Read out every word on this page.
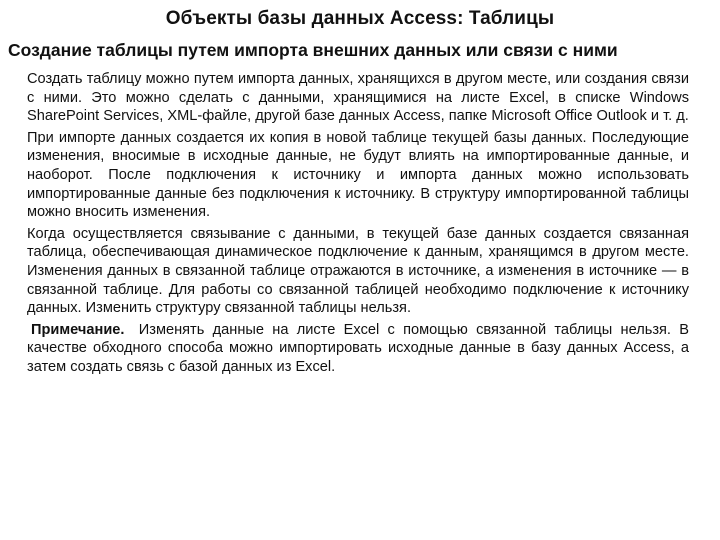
Объекты базы данных Access: Таблицы
Создание таблицы путем импорта внешних данных или связи с ними

Создать таблицу можно путем импорта данных, хранящихся в другом месте, или создания связи с ними. Это можно сделать с данными, хранящимися на листе Excel, в списке Windows SharePoint Services, XML-файле, другой базе данных Access, папке Microsoft Office Outlook и т. д.

При импорте данных создается их копия в новой таблице текущей базы данных. Последующие изменения, вносимые в исходные данные, не будут влиять на импортированные данные, и наоборот. После подключения к источнику и импорта данных можно использовать импортированные данные без подключения к источнику. В структуру импортированной таблицы можно вносить изменения.

Когда осуществляется связывание с данными, в текущей базе данных создается связанная таблица, обеспечивающая динамическое подключение к данным, хранящимся в другом месте. Изменения данных в связанной таблице отражаются в источнике, а изменения в источнике — в связанной таблице. Для работы со связанной таблицей необходимо подключение к источнику данных. Изменить структуру связанной таблицы нельзя.

Примечание. Изменять данные на листе Excel с помощью связанной таблицы нельзя. В качестве обходного способа можно импортировать исходные данные в базу данных Access, а затем создать связь с базой данных из Excel.
